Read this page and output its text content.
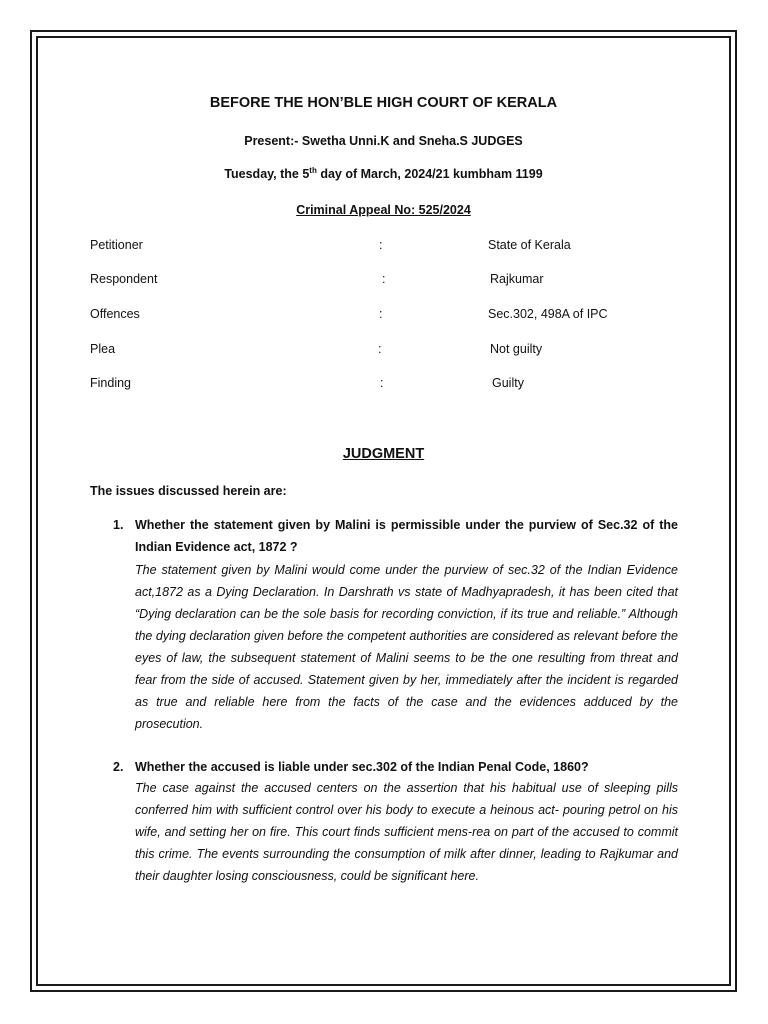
BEFORE THE HON’BLE HIGH COURT OF KERALA
Present:- Swetha Unni.K and Sneha.S JUDGES
Tuesday, the 5th day of March, 2024/21 kumbham 1199
Criminal Appeal No: 525/2024
Petitioner	:	State of Kerala
Respondent	:	Rajkumar
Offences	:	Sec.302, 498A of IPC
Plea	:	Not guilty
Finding	:	Guilty
JUDGMENT
The issues discussed herein are:
1. Whether the statement given by Malini is permissible under the purview of Sec.32 of the Indian Evidence act, 1872 ?
The statement given by Malini would come under the purview of sec.32 of the Indian Evidence act,1872 as a Dying Declaration. In Darshrath vs state of Madhyapradesh, it has been cited that “Dying declaration can be the sole basis for recording conviction, if its true and reliable.” Although the dying declaration given before the competent authorities are considered as relevant before the eyes of law, the subsequent statement of Malini seems to be the one resulting from threat and fear from the side of accused. Statement given by her, immediately after the incident is regarded as true and reliable here from the facts of the case and the evidences adduced by the prosecution.
2. Whether the accused is liable under sec.302 of the Indian Penal Code, 1860?
The case against the accused centers on the assertion that his habitual use of sleeping pills conferred him with sufficient control over his body to execute a heinous act- pouring petrol on his wife, and setting her on fire. This court finds sufficient mens-rea on part of the accused to commit this crime. The events surrounding the consumption of milk after dinner, leading to Rajkumar and their daughter losing consciousness, could be significant here.
